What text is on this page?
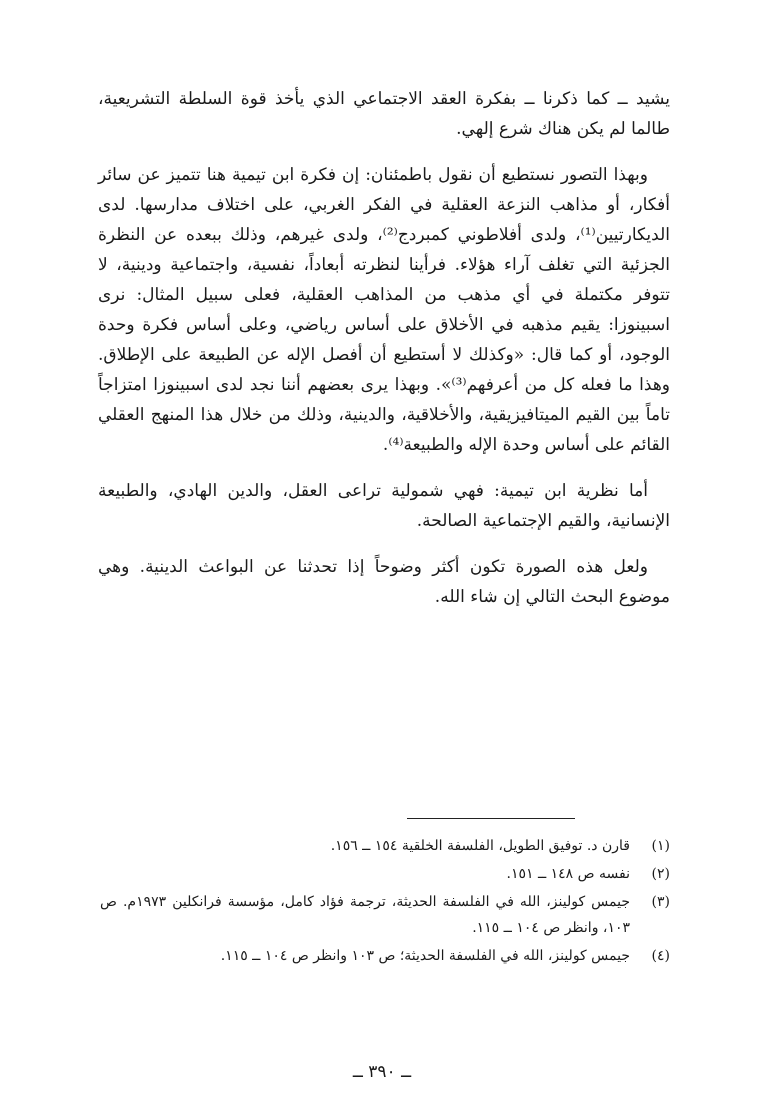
يشيد ــ كما ذكرنا ــ بفكرة العقد الاجتماعي الذي يأخذ قوة السلطة التشريعية، طالما لم يكن هناك شرع إلهي.

وبهذا التصور نستطيع أن نقول باطمئنان: إن فكرة ابن تيمية هنا تتميز عن سائر أفكار، أو مذاهب النزعة العقلية في الفكر الغربي، على اختلاف مدارسها. لدى الديكارتيين⁽¹⁾، ولدى أفلاطوني كمبردج⁽²⁾، ولدى غيرهم، وذلك ببعده عن النظرة الجزئية التي تغلف آراء هؤلاء. فرأينا لنظرته أبعاداً، نفسية، واجتماعية ودينية، لا تتوفر مكتملة في أي مذهب من المذاهب العقلية، فعلى سبيل المثال: نرى اسبينوزا: يقيم مذهبه في الأخلاق على أساس رياضي، وعلى أساس فكرة وحدة الوجود، أو كما قال: «وكذلك لا أستطيع أن أفصل الإله عن الطبيعة على الإطلاق. وهذا ما فعله كل من أعرفهم⁽³⁾». وبهذا يرى بعضهم أننا نجد لدى اسبينوزا امتزاجاً تاماً بين القيم الميتافيزيقية، والأخلاقية، والدينية، وذلك من خلال هذا المنهج العقلي القائم على أساس وحدة الإله والطبيعة⁽⁴⁾.

أما نظرية ابن تيمية: فهي شمولية تراعى العقل، والدين الهادي، والطبيعة الإنسانية، والقيم الإجتماعية الصالحة.

ولعل هذه الصورة تكون أكثر وضوحاً إذا تحدثنا عن البواعث الدينية. وهي موضوع البحث التالي إن شاء الله.

(١)
قارن د. توفيق الطويل، الفلسفة الخلقية ١٥٤ ــ ١٥٦.
(٢)
نفسه ص ١٤٨ ــ ١٥١.
(٣)
جيمس كولينز، الله في الفلسفة الحديثة، ترجمة فؤاد كامل، مؤسسة فرانكلين ١٩٧٣م. ص ١٠٣، وانظر ص ١٠٤ ــ ١١٥.
(٤)
جيمس كولينز، الله في الفلسفة الحديثة؛ ص ١٠٣ وانظر ص ١٠٤ ــ ١١٥.
ــ ٣٩٠ ــ
